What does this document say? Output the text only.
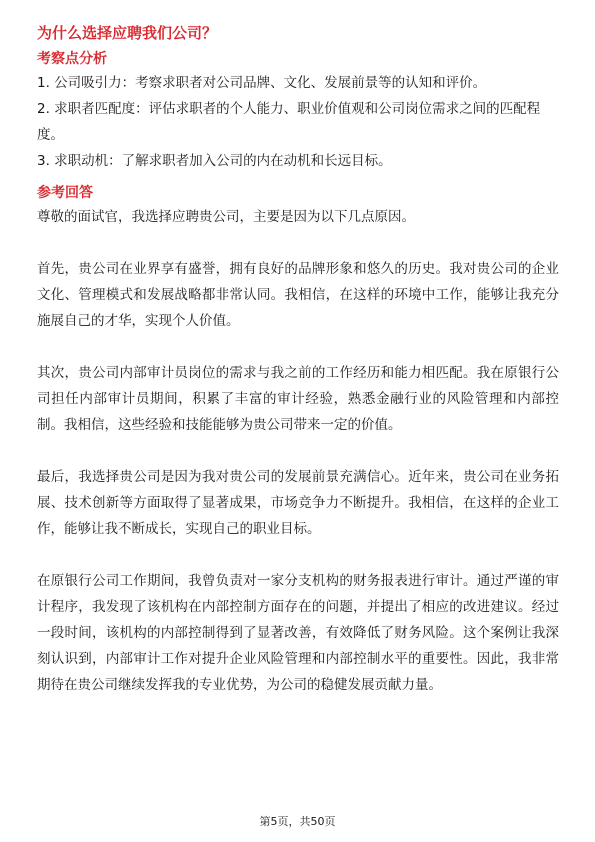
为什么选择应聘我们公司？
考察点分析
1. 公司吸引力：考察求职者对公司品牌、文化、发展前景等的认知和评价。
2. 求职者匹配度：评估求职者的个人能力、职业价值观和公司岗位需求之间的匹配程度。
3. 求职动机：了解求职者加入公司的内在动机和长远目标。
参考回答

尊敬的面试官，我选择应聘贵公司，主要是因为以下几点原因。

首先，贵公司在业界享有盛誉，拥有良好的品牌形象和悠久的历史。我对贵公司的企业文化、管理模式和发展战略都非常认同。我相信，在这样的环境中工作，能够让我充分施展自己的才华，实现个人价值。

其次，贵公司内部审计员岗位的需求与我之前的工作经历和能力相匹配。我在原银行公司担任内部审计员期间，积累了丰富的审计经验，熟悉金融行业的风险管理和内部控制。我相信，这些经验和技能能够为贵公司带来一定的价值。

最后，我选择贵公司是因为我对贵公司的发展前景充满信心。近年来，贵公司在业务拓展、技术创新等方面取得了显著成果，市场竞争力不断提升。我相信，在这样的企业工作，能够让我不断成长，实现自己的职业目标。

在原银行公司工作期间，我曾负责对一家分支机构的财务报表进行审计。通过严谨的审计程序，我发现了该机构在内部控制方面存在的问题，并提出了相应的改进建议。经过一段时间，该机构的内部控制得到了显著改善，有效降低了财务风险。这个案例让我深刻认识到，内部审计工作对提升企业风险管理和内部控制水平的重要性。因此，我非常期待在贵公司继续发挥我的专业优势，为公司的稳健发展贡献力量。

第5页，共50页
